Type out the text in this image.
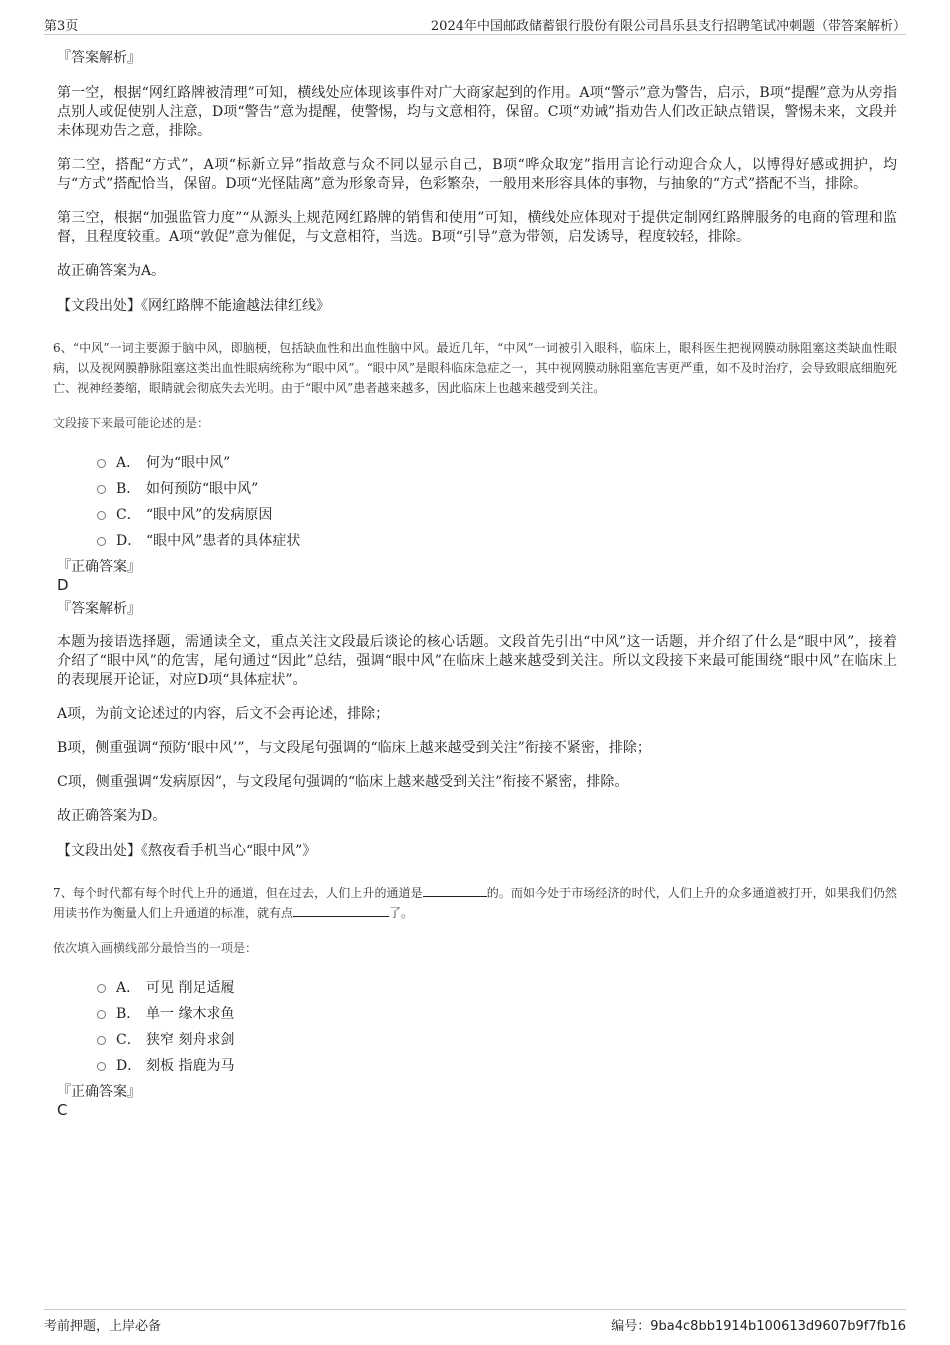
第3页	2024年中国邮政储蓄银行股份有限公司昌乐县支行招聘笔试冲刺题（带答案解析）

『答案解析』

第一空，根据“网红路牌被清理”可知，横线处应体现该事件对广大商家起到的作用。A项“警示”意为警告，启示，B项“提醒”意为从旁指点别人或促使别人注意，D项“警告”意为提醒，使警惕，均与文意相符，保留。C项“劝诫”指劝告人们改正缺点错误，警惕未来，文段并未体现劝告之意，排除。

第二空，搭配“方式”，A项“标新立异”指故意与众不同以显示自己，B项“哗众取宠”指用言论行动迎合众人，以博得好感或拥护，均与“方式”搭配恰当，保留。D项“光怪陆离”意为形象奇异，色彩繁杂，一般用来形容具体的事物，与抽象的“方式”搭配不当，排除。

第三空，根据“加强监管力度”“从源头上规范网红路牌的销售和使用”可知，横线处应体现对于提供定制网红路牌服务的电商的管理和监督，且程度较重。A项“敦促”意为催促，与文意相符，当选。B项“引导”意为带领，启发诱导，程度较轻，排除。

故正确答案为A。

【文段出处】《网红路牌不能逾越法律红线》

6、“中风”一词主要源于脑中风，即脑梗，包括缺血性和出血性脑中风。最近几年，“中风”一词被引入眼科，临床上，眼科医生把视网膜动脉阻塞这类缺血性眼病，以及视网膜静脉阻塞这类出血性眼病统称为“眼中风”。“眼中风”是眼科临床急症之一，其中视网膜动脉阻塞危害更严重，如不及时治疗，会导致眼底细胞死亡、视神经萎缩，眼睛就会彻底失去光明。由于“眼中风”患者越来越多，因此临床上也越来越受到关注。

文段接下来最可能论述的是：

A． 何为“眼中风”
B． 如何预防“眼中风”
C． “眼中风”的发病原因
D． “眼中风”患者的具体症状

『正确答案』

D

『答案解析』

本题为接语选择题，需通读全文，重点关注文段最后谈论的核心话题。文段首先引出“中风”这一话题，并介绍了什么是“眼中风”，接着介绍了“眼中风”的危害，尾句通过“因此”总结，强调“眼中风”在临床上越来越受到关注。所以文段接下来最可能围绕“眼中风”在临床上的表现展开论证，对应D项“具体症状”。

A项，为前文论述过的内容，后文不会再论述，排除；

B项，侧重强调“预防‘眼中风’”，与文段尾句强调的“临床上越来越受到关注”衔接不紧密，排除；

C项，侧重强调“发病原因”，与文段尾句强调的“临床上越来越受到关注”衔接不紧密，排除。

故正确答案为D。

【文段出处】《熬夜看手机当心“眼中风”》

7、每个时代都有每个时代上升的通道，但在过去，人们上升的通道是	的。而如今处于市场经济的时代，人们上升的众多通道被打开，如果我们仍然用读书作为衡量人们上升通道的标准，就有点	了。

依次填入画横线部分最恰当的一项是：

A． 可见 削足适履
B． 单一 缘木求鱼
C． 狭窄 刻舟求剑
D． 刻板 指鹿为马

『正确答案』

C

考前押题，上岸必备	编号：9ba4c8bb1914b100613d9607b9f7fb16
